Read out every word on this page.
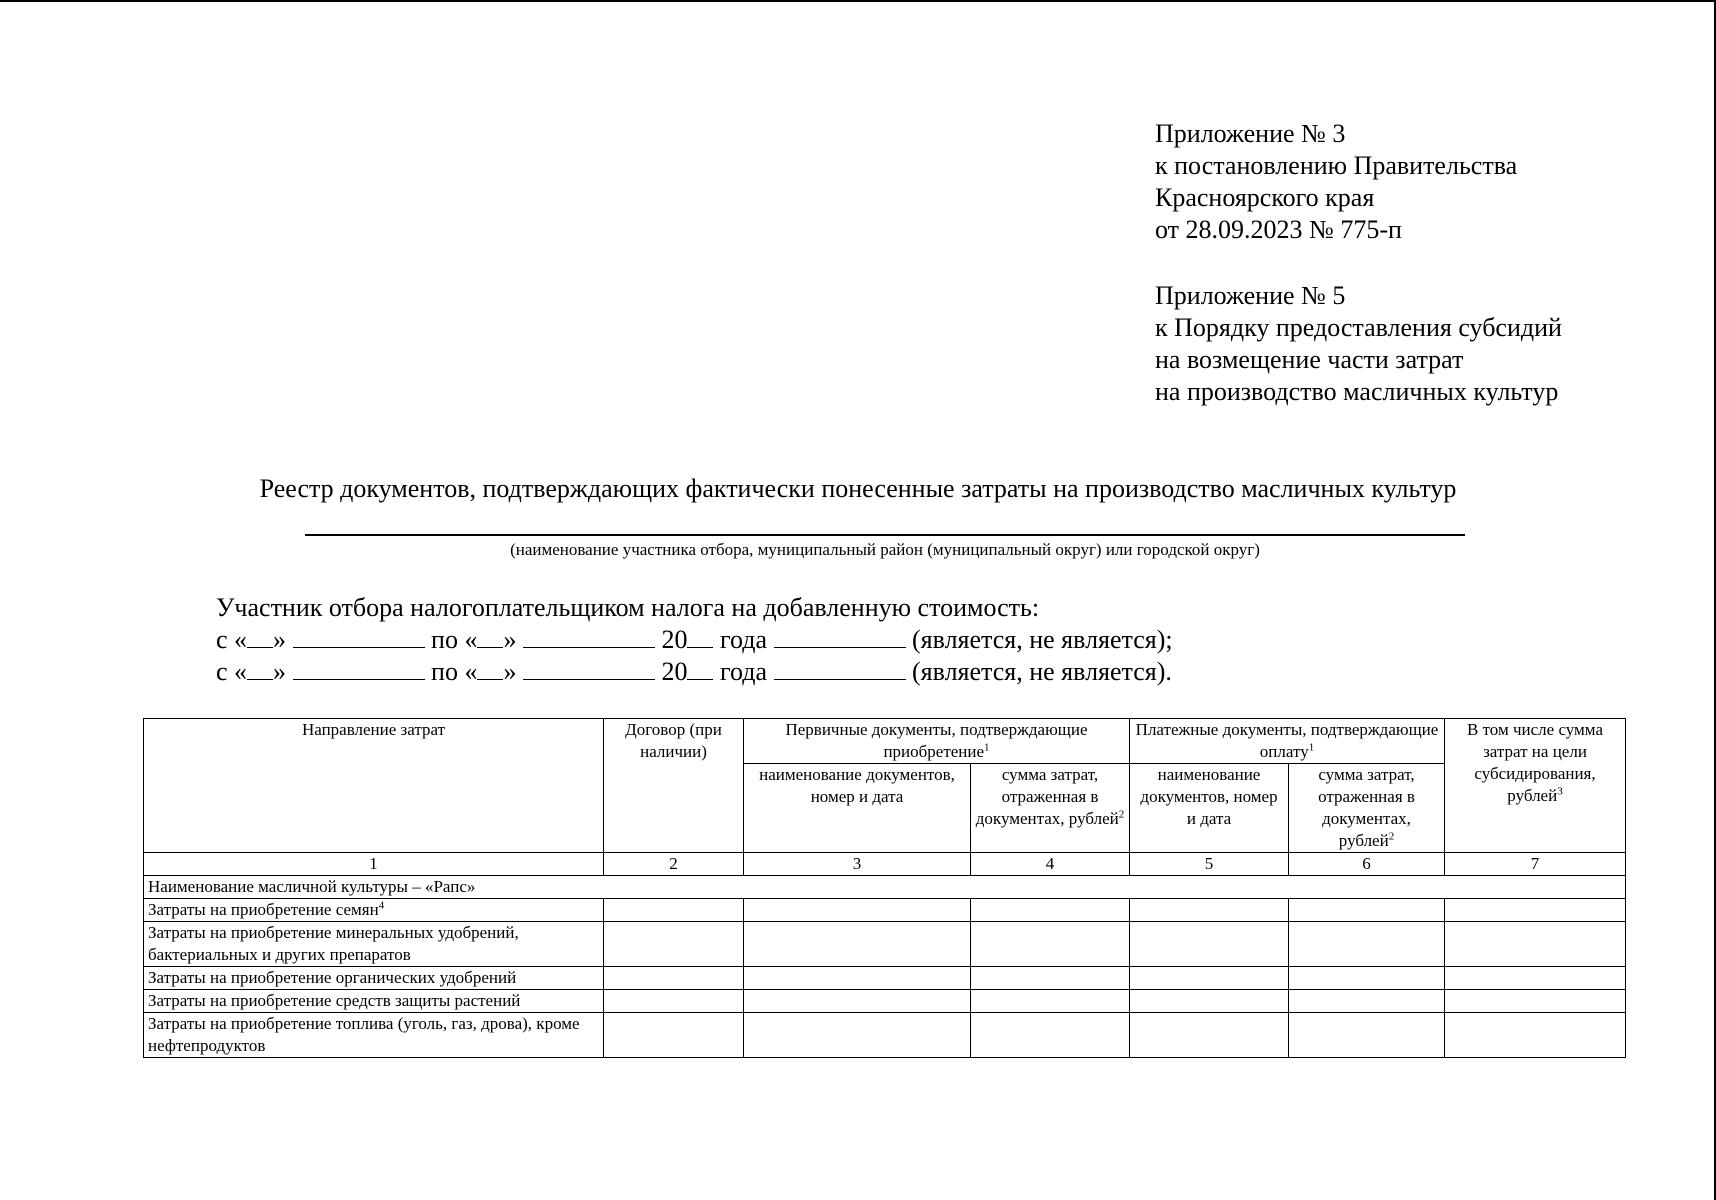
Приложение № 3
к постановлению Правительства
Красноярского края
от 28.09.2023 № 775-п
Приложение № 5
к Порядку предоставления субсидий
на возмещение части затрат
на производство масличных культур
Реестр документов, подтверждающих фактически понесенные затраты на производство масличных культур
(наименование участника отбора, муниципальный район (муниципальный округ) или городской округ)
Участник отбора налогоплательщиком налога на добавленную стоимость:
с « »	по « »	20 года	(является, не является);
с « »	по « »	20 года	(является, не является).
Направление затрат	Договор (при наличии)	Первичные документы, подтверждающие приобретение$^1$		Платежные документы, подтверждающие оплату$^1$		В том числе сумма затрат на цели субсидирования, рублей$^3$
		наименование документов, номер и дата	сумма затрат, отраженная в документах, рублей$^2$	наименование документов, номер и дата	сумма затрат, отраженная в документах, рублей$^2$
1	2	3	4	5	6	7
Наименование масличной культуры – «Рапс»						
Затраты на приобретение семян$^4$						
Затраты на приобретение минеральных удобрений, бактериальных и других препаратов						
Затраты на приобретение органических удобрений						
Затраты на приобретение средств защиты растений						
Затраты на приобретение топлива (уголь, газ, дрова), кроме нефтепродуктов						
